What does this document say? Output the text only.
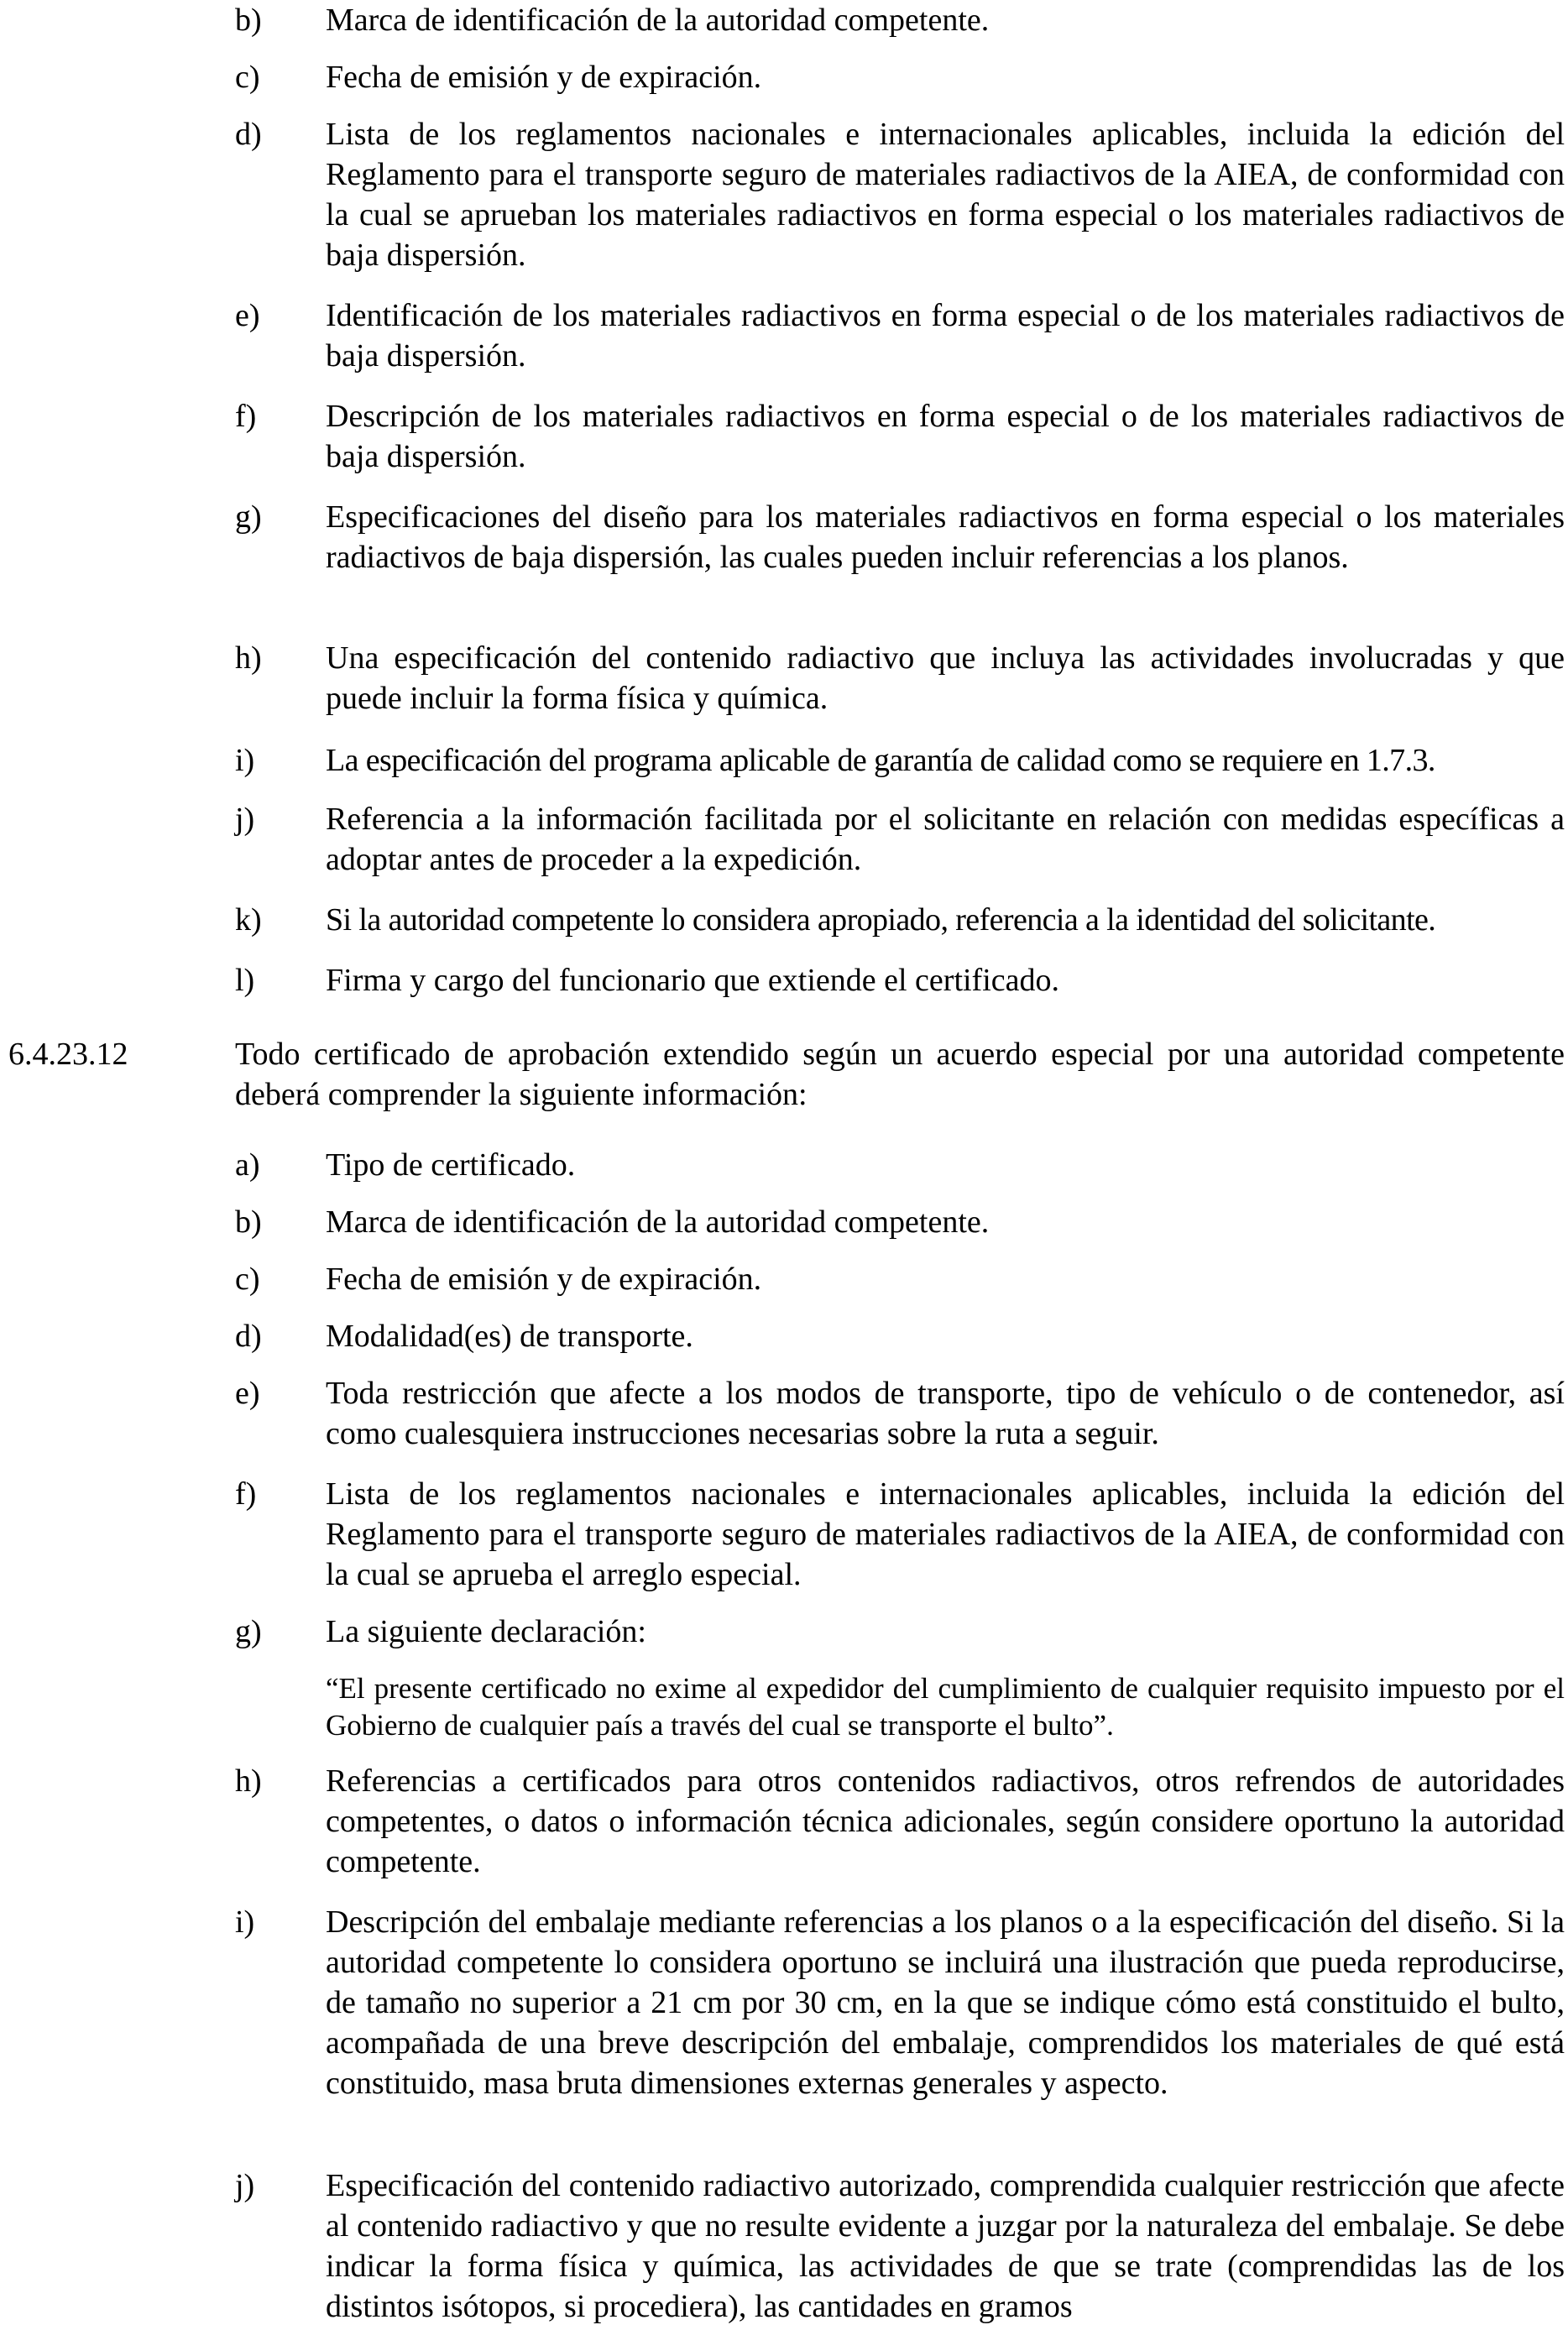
b)	Marca de identificación de la autoridad competente.
c)	Fecha de emisión y de expiración.
d)	Lista de los reglamentos nacionales e internacionales aplicables, incluida la edición del Reglamento para el transporte seguro de materiales radiactivos de la AIEA, de conformidad con la cual se aprueban los materiales radiactivos en forma especial o los materiales radiactivos de baja dispersión.
e)	Identificación de los materiales radiactivos en forma especial o de los materiales radiactivos de baja dispersión.
f)	Descripción de los materiales radiactivos en forma especial o de los materiales radiactivos de baja dispersión.
g)	Especificaciones del diseño para los materiales radiactivos en forma especial o los materiales radiactivos de baja dispersión, las cuales pueden incluir referencias a los planos.
h)	Una especificación del contenido radiactivo que incluya las actividades involucradas y que puede incluir la forma física y química.
i)	La especificación del programa aplicable de garantía de calidad como se requiere en 1.7.3.
j)	Referencia a la información facilitada por el solicitante en relación con medidas específicas a adoptar antes de proceder a la expedición.
k)	Si la autoridad competente lo considera apropiado, referencia a la identidad del solicitante.
l)	Firma y cargo del funcionario que extiende el certificado.
6.4.23.12	Todo certificado de aprobación extendido según un acuerdo especial por una autoridad competente deberá comprender la siguiente información:
a)	Tipo de certificado.
b)	Marca de identificación de la autoridad competente.
c)	Fecha de emisión y de expiración.
d)	Modalidad(es) de transporte.
e)	Toda restricción que afecte a los modos de transporte, tipo de vehículo o de contenedor, así como cualesquiera instrucciones necesarias sobre la ruta a seguir.
f)	Lista de los reglamentos nacionales e internacionales aplicables, incluida la edición del Reglamento para el transporte seguro de materiales radiactivos de la AIEA, de conformidad con la cual se aprueba el arreglo especial.
g)	La siguiente declaración:
“El presente certificado no exime al expedidor del cumplimiento de cualquier requisito impuesto por el Gobierno de cualquier país a través del cual se transporte el bulto”.
h)	Referencias a certificados para otros contenidos radiactivos, otros refrendos de autoridades competentes, o datos o información técnica adicionales, según considere oportuno la autoridad competente.
i)	Descripción del embalaje mediante referencias a los planos o a la especificación del diseño. Si la autoridad competente lo considera oportuno se incluirá una ilustración que pueda reproducirse, de tamaño no superior a 21 cm por 30 cm, en la que se indique cómo está constituido el bulto, acompañada de una breve descripción del embalaje, comprendidos los materiales de qué está constituido, masa bruta dimensiones externas generales y aspecto.
j)	Especificación del contenido radiactivo autorizado, comprendida cualquier restricción que afecte al contenido radiactivo y que no resulte evidente a juzgar por la naturaleza del embalaje. Se debe indicar la forma física y química, las actividades de que se trate (comprendidas las de los distintos isótopos, si procediera), las cantidades en gramos
